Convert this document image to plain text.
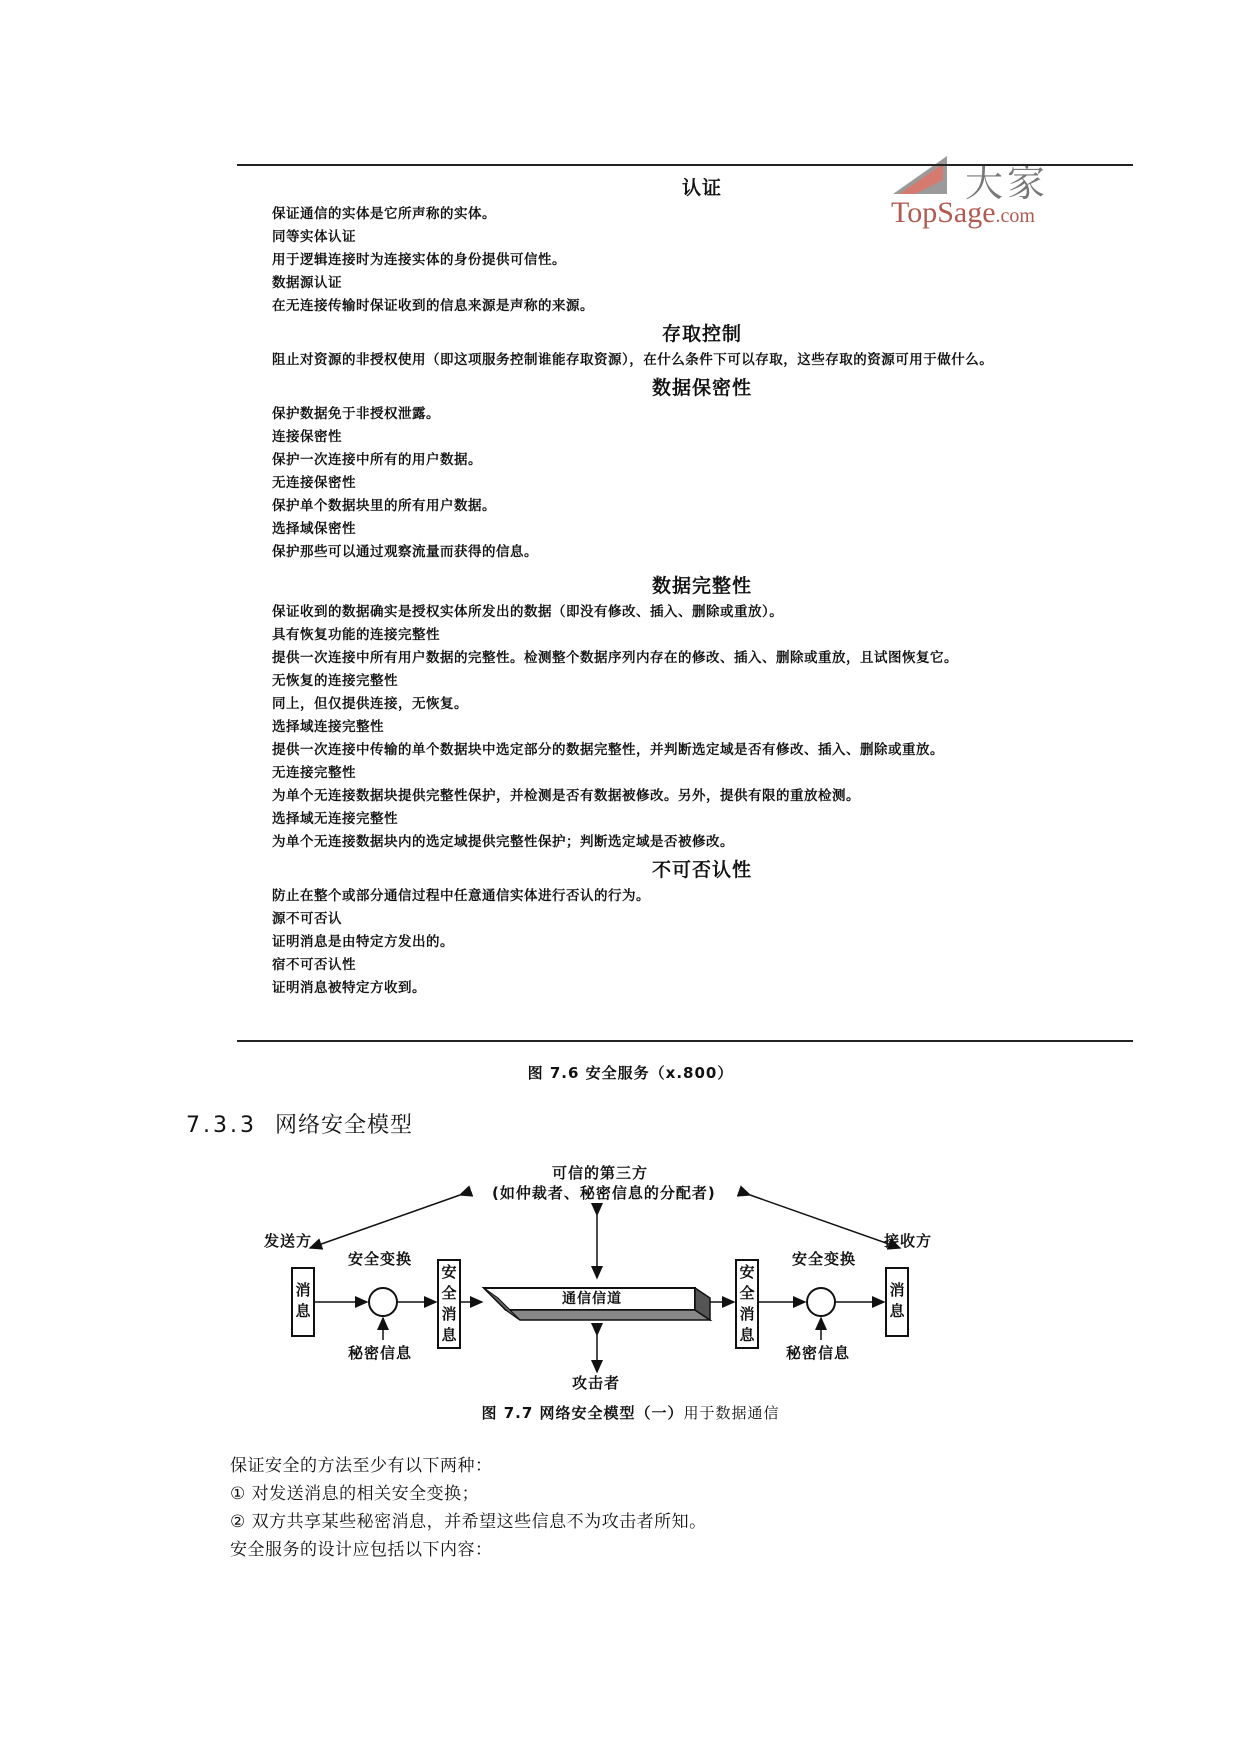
大家
TopSage.com
认证
保证通信的实体是它所声称的实体。
同等实体认证
用于逻辑连接时为连接实体的身份提供可信性。
数据源认证
在无连接传输时保证收到的信息来源是声称的来源。
存取控制
阻止对资源的非授权使用（即这项服务控制谁能存取资源），在什么条件下可以存取，这些存取的资源可用于做什么。
数据保密性
保护数据免于非授权泄露。
连接保密性
保护一次连接中所有的用户数据。
无连接保密性
保护单个数据块里的所有用户数据。
选择域保密性
保护那些可以通过观察流量而获得的信息。
数据完整性
保证收到的数据确实是授权实体所发出的数据（即没有修改、插入、删除或重放）。
具有恢复功能的连接完整性
提供一次连接中所有用户数据的完整性。检测整个数据序列内存在的修改、插入、删除或重放，且试图恢复它。
无恢复的连接完整性
同上，但仅提供连接，无恢复。
选择域连接完整性
提供一次连接中传输的单个数据块中选定部分的数据完整性，并判断选定域是否有修改、插入、删除或重放。
无连接完整性
为单个无连接数据块提供完整性保护，并检测是否有数据被修改。另外，提供有限的重放检测。
选择域无连接完整性
为单个无连接数据块内的选定域提供完整性保护；判断选定域是否被修改。
不可否认性
防止在整个或部分通信过程中任意通信实体进行否认的行为。
源不可否认
证明消息是由特定方发出的。
宿不可否认性
证明消息被特定方收到。
图 7.6 安全服务（x.800）
7.3.3 网络安全模型
可信的第三方
(如仲裁者、秘密信息的分配者)
发送方	接收方
安全变换	安全变换
消息
消息
安全消息
安全消息
通信信道
秘密信息	秘密信息
攻击者
图 7.7 网络安全模型（一）用于数据通信
保证安全的方法至少有以下两种：
① 对发送消息的相关安全变换；
② 双方共享某些秘密消息，并希望这些信息不为攻击者所知。
安全服务的设计应包括以下内容：
